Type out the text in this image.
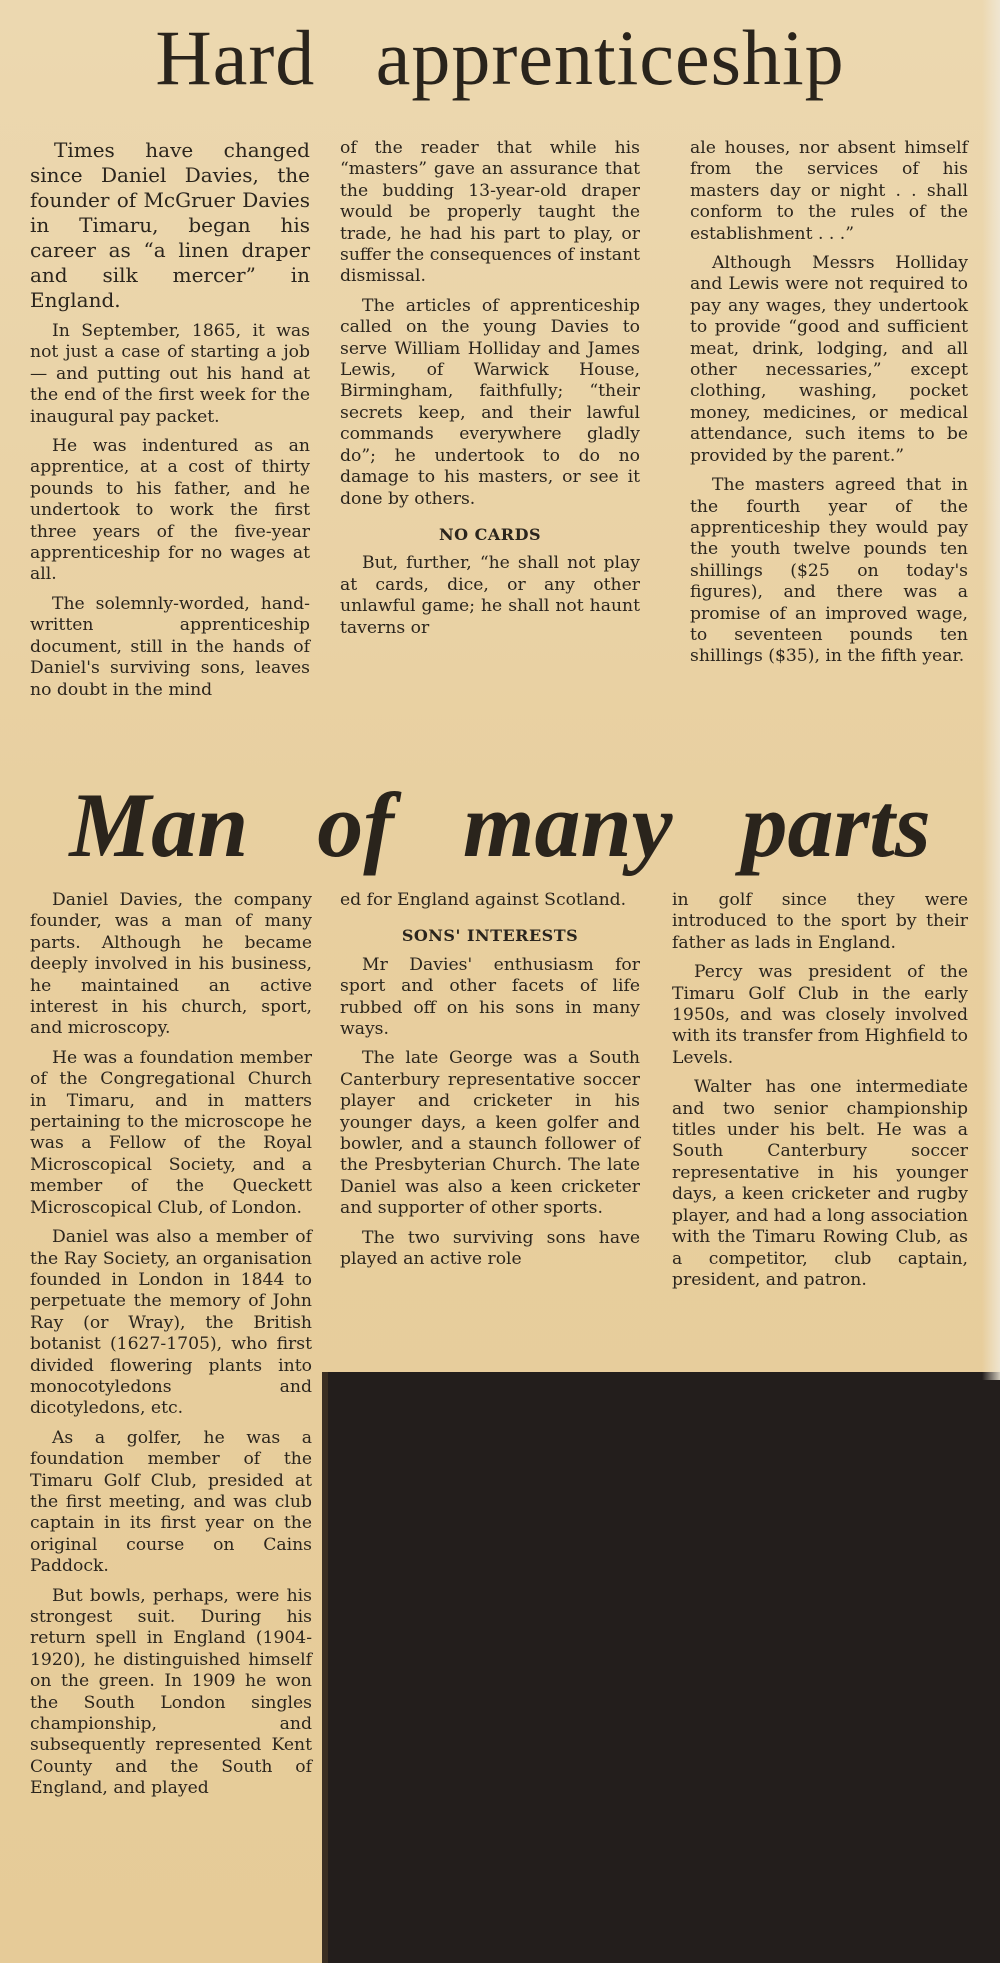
Hard apprenticeship

Times have changed since Daniel Davies, the founder of McGruer Davies in Timaru, began his career as “a linen draper and silk mercer” in England.

In September, 1865, it was not just a case of starting a job — and putting out his hand at the end of the first week for the inaugural pay packet.

He was indentured as an apprentice, at a cost of thirty pounds to his father, and he undertook to work the first three years of the five-year apprenticeship for no wages at all.

The solemnly-worded, hand-written apprenticeship document, still in the hands of Daniel's surviving sons, leaves no doubt in the mind

of the reader that while his “masters” gave an assurance that the budding 13-year-old draper would be properly taught the trade, he had his part to play, or suffer the consequences of instant dismissal.

The articles of apprenticeship called on the young Davies to serve William Holliday and James Lewis, of Warwick House, Birmingham, faithfully; “their secrets keep, and their lawful commands everywhere gladly do”; he undertook to do no damage to his masters, or see it done by others.

NO CARDS

But, further, “he shall not play at cards, dice, or any other unlawful game; he shall not haunt taverns or

ale houses, nor absent himself from the services of his masters day or night . . shall conform to the rules of the establishment . . .”

Although Messrs Holliday and Lewis were not required to pay any wages, they undertook to provide “good and sufficient meat, drink, lodging, and all other necessaries,” except clothing, washing, pocket money, medicines, or medical attendance, such items to be provided by the parent.”

The masters agreed that in the fourth year of the apprenticeship they would pay the youth twelve pounds ten shillings ($25 on today's figures), and there was a promise of an improved wage, to seventeen pounds ten shillings ($35), in the fifth year.

Man of many parts

Daniel Davies, the company founder, was a man of many parts. Although he became deeply involved in his business, he maintained an active interest in his church, sport, and microscopy.

He was a foundation member of the Congregational Church in Timaru, and in matters pertaining to the microscope he was a Fellow of the Royal Microscopical Society, and a member of the Queckett Microscopical Club, of London.

Daniel was also a member of the Ray Society, an organisation founded in London in 1844 to perpetuate the memory of John Ray (or Wray), the British botanist (1627-1705), who first divided flowering plants into monocotyledons and dicotyledons, etc.

As a golfer, he was a foundation member of the Timaru Golf Club, presided at the first meeting, and was club captain in its first year on the original course on Cains Paddock.

But bowls, perhaps, were his strongest suit. During his return spell in England (1904-1920), he distinguished himself on the green. In 1909 he won the South London singles championship, and subsequently represented Kent County and the South of England, and played

ed for England against Scotland.

SONS' INTERESTS

Mr Davies' enthusiasm for sport and other facets of life rubbed off on his sons in many ways.

The late George was a South Canterbury representative soccer player and cricketer in his younger days, a keen golfer and bowler, and a staunch follower of the Presbyterian Church. The late Daniel was also a keen cricketer and supporter of other sports.

The two surviving sons have played an active role

in golf since they were introduced to the sport by their father as lads in England.

Percy was president of the Timaru Golf Club in the early 1950s, and was closely involved with its transfer from Highfield to Levels.

Walter has one intermediate and two senior championship titles under his belt. He was a South Canterbury soccer representative in his younger days, a keen cricketer and rugby player, and had a long association with the Timaru Rowing Club, as a competitor, club captain, president, and patron.
